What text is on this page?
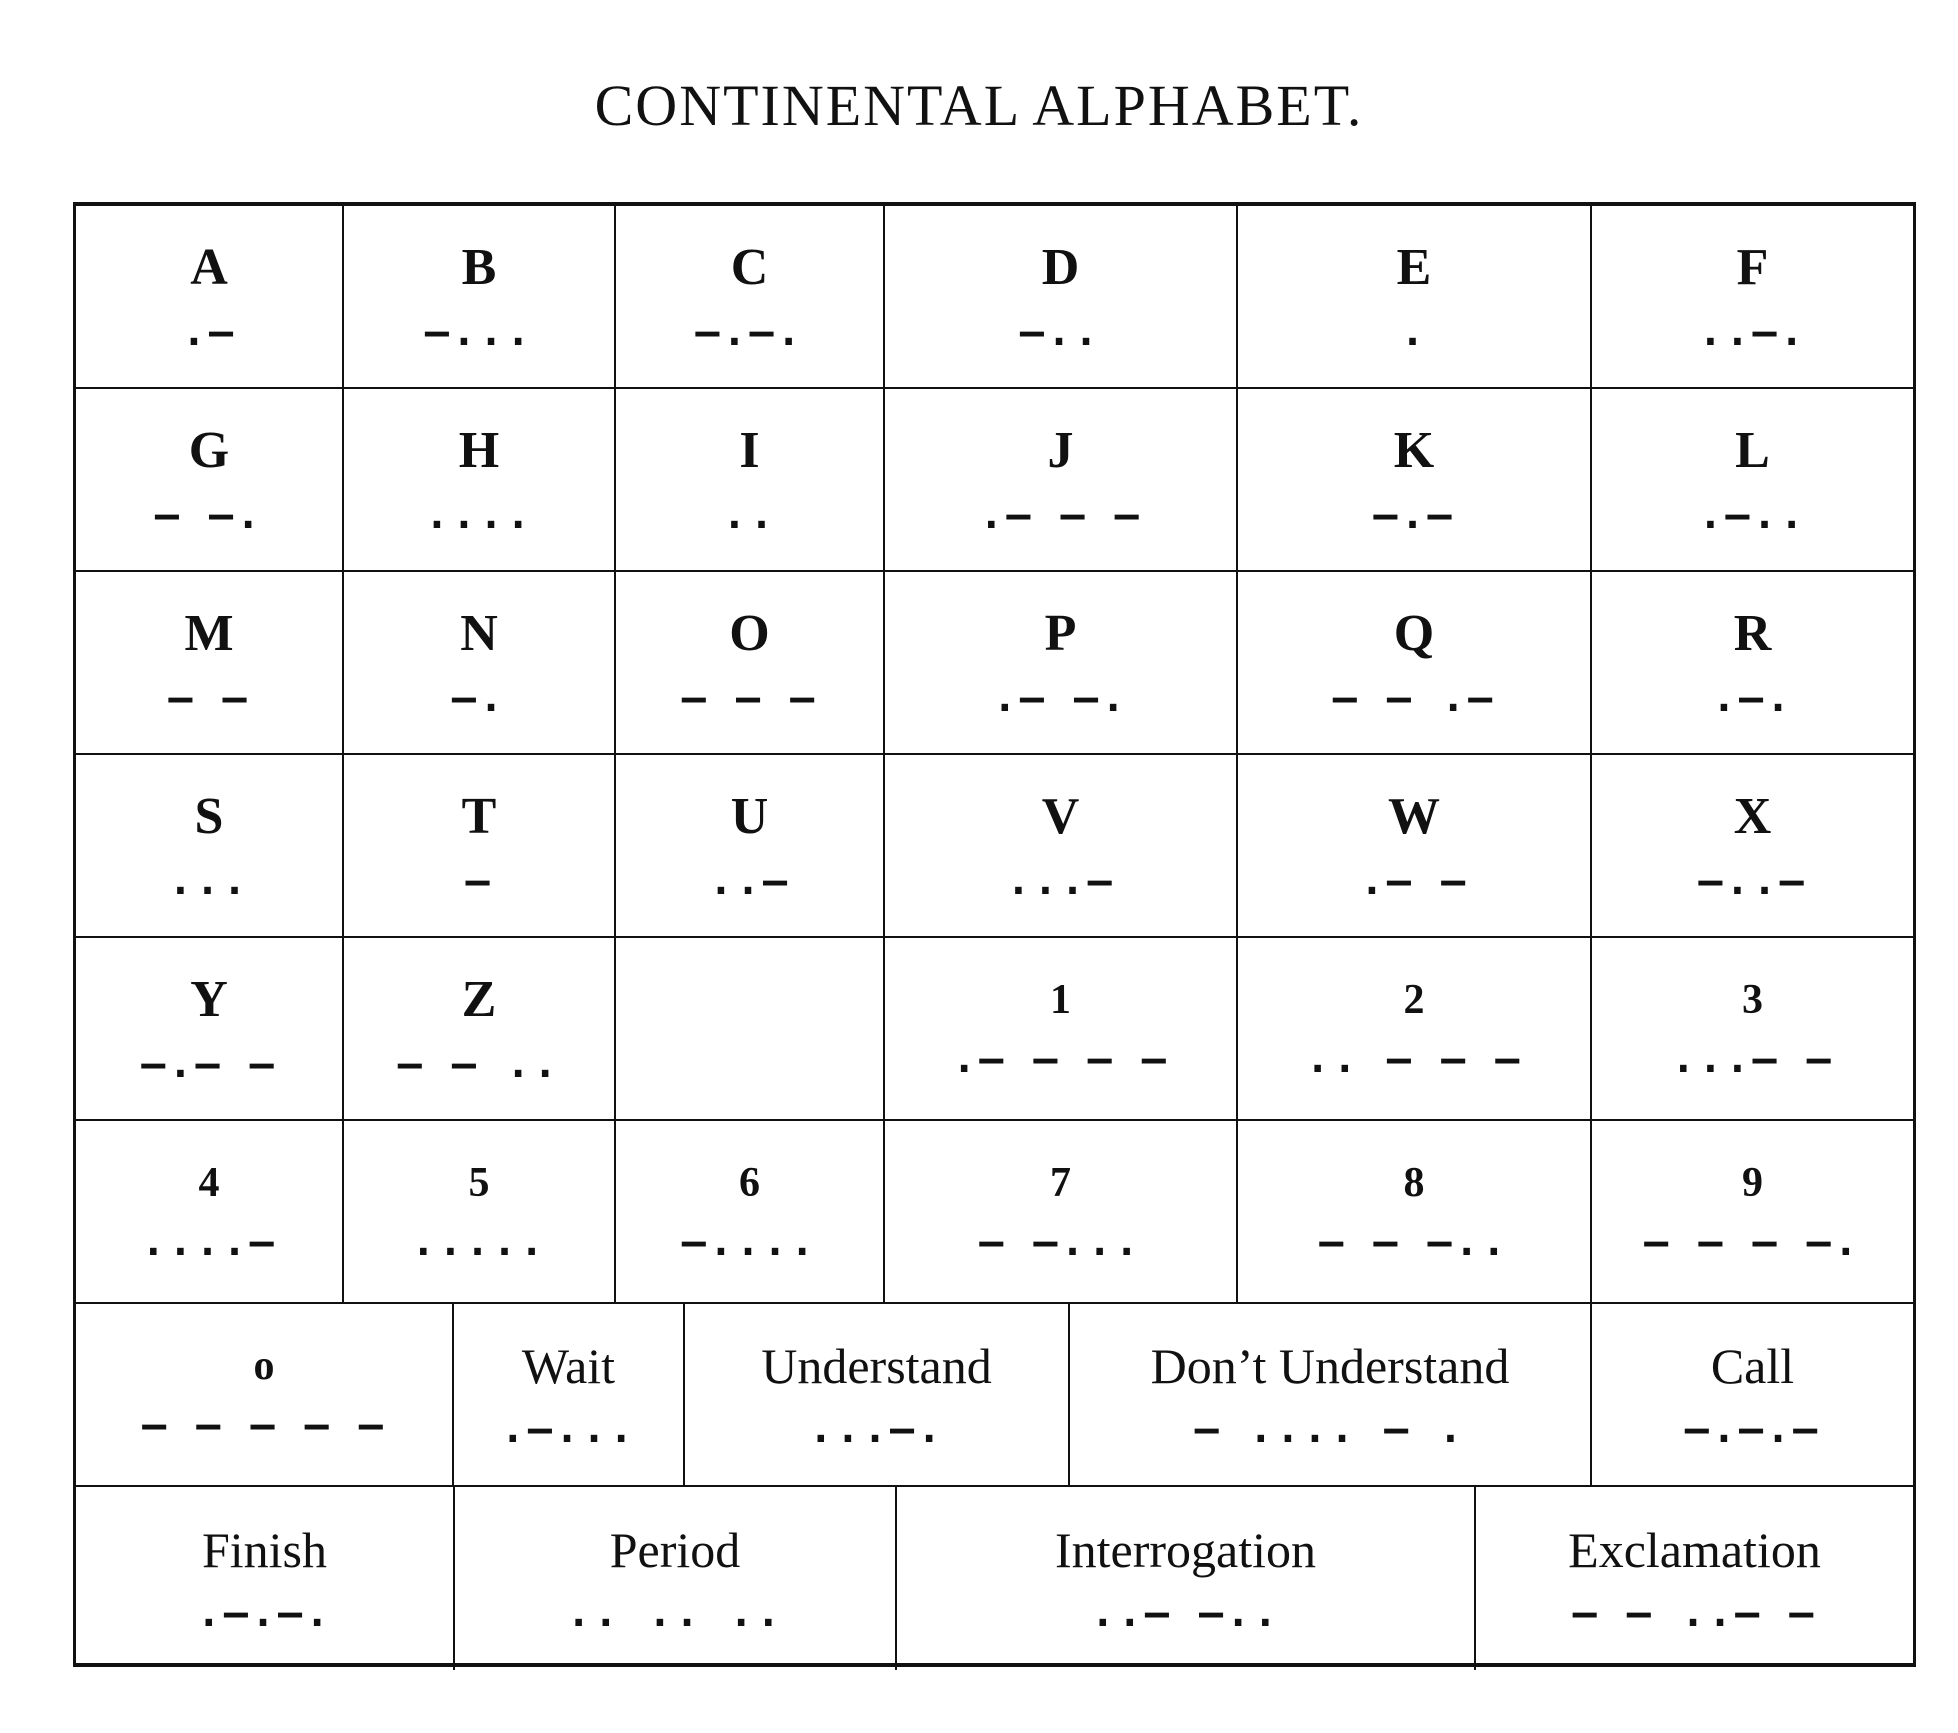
CONTINENTAL ALPHABET.
A
.—
B
—...
C
—.—.
D
—..
E
.
F
..—.
G
— —.
H
....
I
..
J
.— — —
K
—.—
L
.—..
M
— —
N
—.
O
— — —
P
.— —.
Q
— — .—
R
.—.
S
...
T
—
U
..—
V
...—
W
.— —
X
—..—
Y
—.— —
Z
— — ..
1
.— — — —
2
.. — — —
3
...— —
4
....—
5
.....
6
—....
7
— —...
8
— — —..
9
— — — —.
o
— — — — —
Wait
.—...
Understand
...—.
Don’t Understand
— .... — .
Call
—.—.—
Finish
.—.—.
Period
.. .. ..
Interrogation
..— —..
Exclamation
— — ..— —
